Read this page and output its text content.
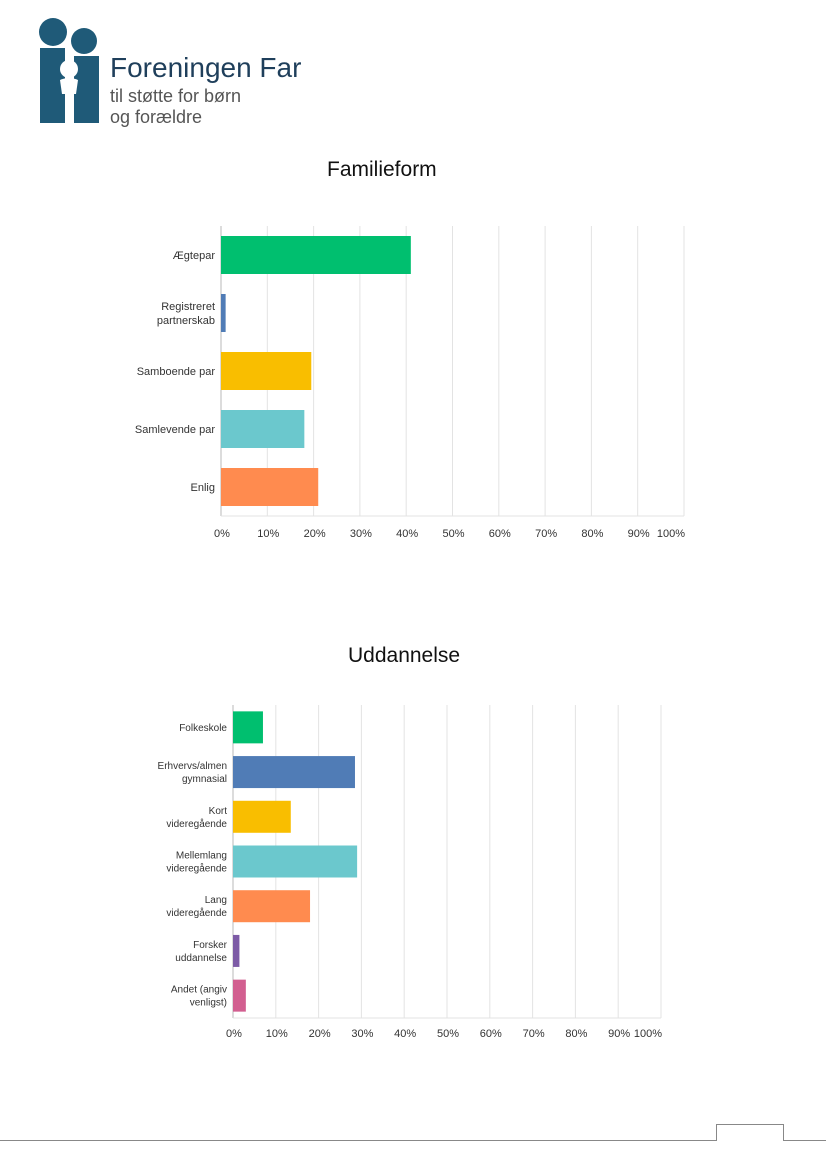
Foreningen Far
til støtte for børn
og forældre
Familieform
Ægtepar
Registreret partnerskab
Samboende par
Samlevende par
Enlig
0% 10% 20% 30% 40% 50% 60% 70% 80% 90% 100%
Uddannelse
Folkeskole
Erhvervs/almen gymnasial
Kort videregående
Mellemlang videregående
Lang videregående
Forsker uddannelse
Andet (angiv venligst)
0% 10% 20% 30% 40% 50% 60% 70% 80% 90% 100%
